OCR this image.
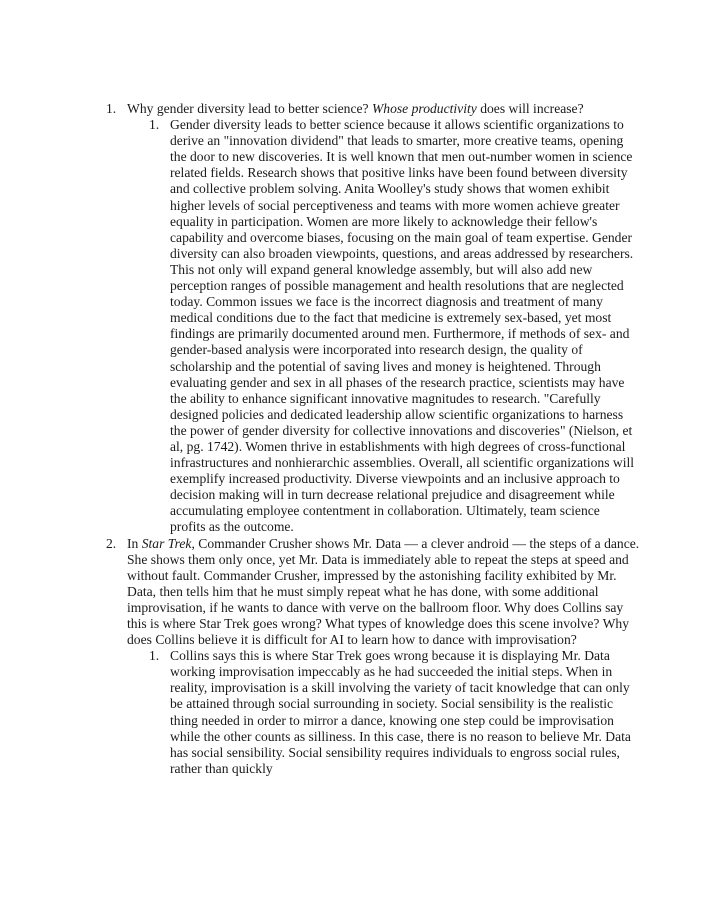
1. Why gender diversity lead to better science? Whose productivity does will increase?
1. Gender diversity leads to better science because it allows scientific organizations to derive an "innovation dividend" that leads to smarter, more creative teams, opening the door to new discoveries. It is well known that men out-number women in science related fields. Research shows that positive links have been found between diversity and collective problem solving. Anita Woolley's study shows that women exhibit higher levels of social perceptiveness and teams with more women achieve greater equality in participation. Women are more likely to acknowledge their fellow's capability and overcome biases, focusing on the main goal of team expertise. Gender diversity can also broaden viewpoints, questions, and areas addressed by researchers. This not only will expand general knowledge assembly, but will also add new perception ranges of possible management and health resolutions that are neglected today. Common issues we face is the incorrect diagnosis and treatment of many medical conditions due to the fact that medicine is extremely sex-based, yet most findings are primarily documented around men. Furthermore, if methods of sex- and gender-based analysis were incorporated into research design, the quality of scholarship and the potential of saving lives and money is heightened. Through evaluating gender and sex in all phases of the research practice, scientists may have the ability to enhance significant innovative magnitudes to research. "Carefully designed policies and dedicated leadership allow scientific organizations to harness the power of gender diversity for collective innovations and discoveries" (Nielson, et al, pg. 1742). Women thrive in establishments with high degrees of cross-functional infrastructures and nonhierarchic assemblies. Overall, all scientific organizations will exemplify increased productivity. Diverse viewpoints and an inclusive approach to decision making will in turn decrease relational prejudice and disagreement while accumulating employee contentment in collaboration. Ultimately, team science profits as the outcome.
2. In Star Trek, Commander Crusher shows Mr. Data — a clever android — the steps of a dance. She shows them only once, yet Mr. Data is immediately able to repeat the steps at speed and without fault. Commander Crusher, impressed by the astonishing facility exhibited by Mr. Data, then tells him that he must simply repeat what he has done, with some additional improvisation, if he wants to dance with verve on the ballroom floor. Why does Collins say this is where Star Trek goes wrong? What types of knowledge does this scene involve? Why does Collins believe it is difficult for AI to learn how to dance with improvisation?
1. Collins says this is where Star Trek goes wrong because it is displaying Mr. Data working improvisation impeccably as he had succeeded the initial steps. When in reality, improvisation is a skill involving the variety of tacit knowledge that can only be attained through social surrounding in society. Social sensibility is the realistic thing needed in order to mirror a dance, knowing one step could be improvisation while the other counts as silliness. In this case, there is no reason to believe Mr. Data has social sensibility. Social sensibility requires individuals to engross social rules, rather than quickly
